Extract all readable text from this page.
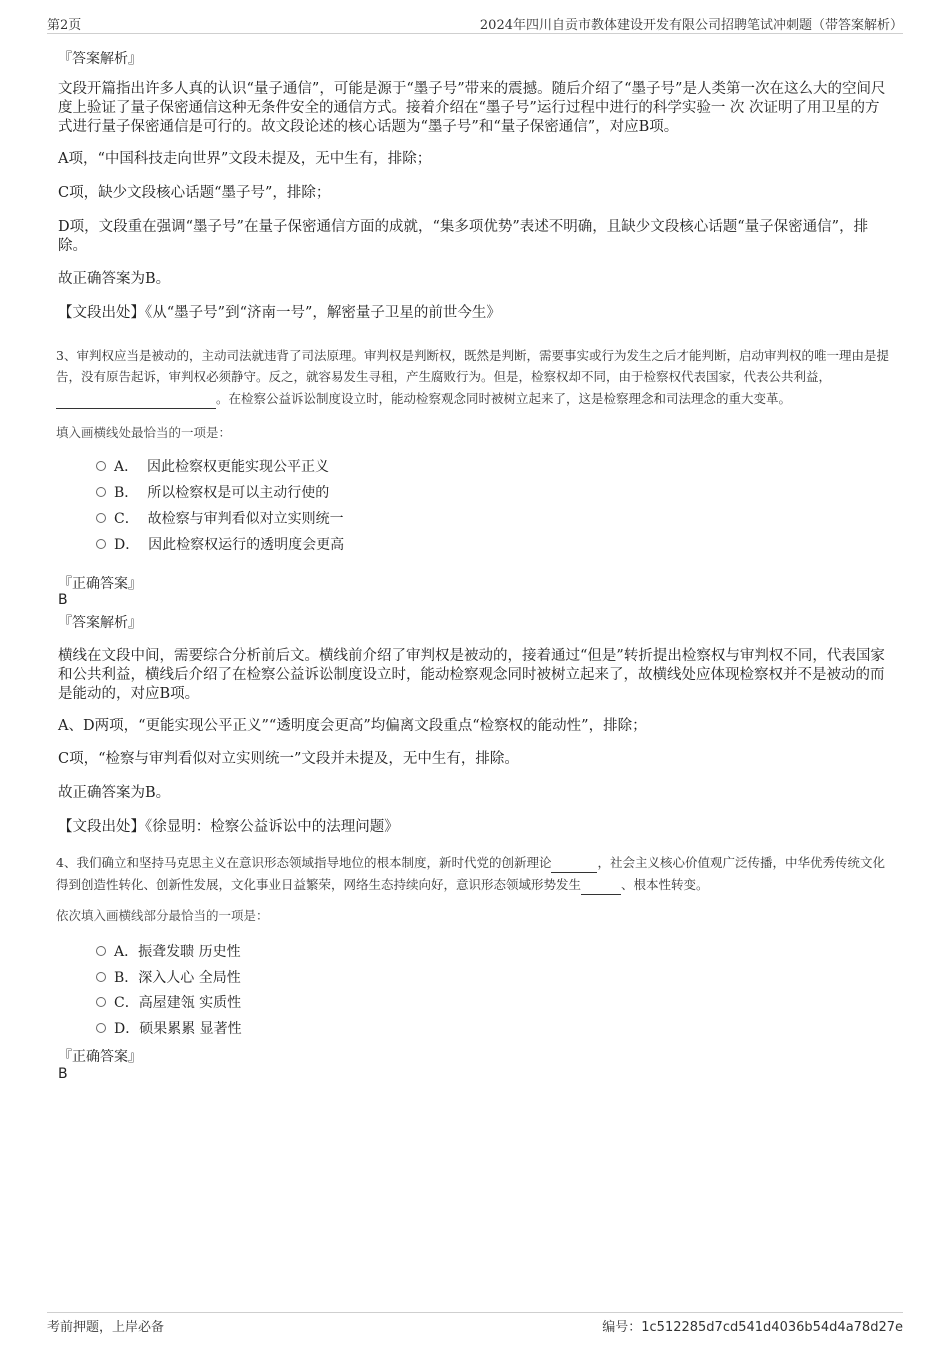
第2页	2024年四川自贡市教体建设开发有限公司招聘笔试冲刺题（带答案解析）
『答案解析』
文段开篇指出许多人真的认识“量子通信”，可能是源于“墨子号”带来的震撼。随后介绍了“墨子号”是人类第一次在这么大的空间尺度上验证了量子保密通信这种无条件安全的通信方式。接着介绍在“墨子号”运行过程中进行的科学实验一 次 次证明了用卫星的方式进行量子保密通信是可行的。故文段论述的核心话题为“墨子号”和“量子保密通信”，对应B项。
A项，“中国科技走向世界”文段未提及，无中生有，排除；
C项，缺少文段核心话题“墨子号”，排除；
D项，文段重在强调“墨子号”在量子保密通信方面的成就，“集多项优势”表述不明确，且缺少文段核心话题“量子保密通信”，排除。
故正确答案为B。
【文段出处】《从“墨子号”到“济南一号”，解密量子卫星的前世今生》
3、审判权应当是被动的，主动司法就违背了司法原理。审判权是判断权，既然是判断，需要事实或行为发生之后才能判断，启动审判权的唯一理由是提告，没有原告起诉，审判权必须静守。反之，就容易发生寻租，产生腐败行为。但是，检察权却不同，由于检察权代表国家，代表公共利益， 。在检察公益诉讼制度设立时，能动检察观念同时被树立起来了，这是检察理念和司法理念的重大变革。
填入画横线处最恰当的一项是：
A． 因此检察权更能实现公平正义
B． 所以检察权是可以主动行使的
C． 故检察与审判看似对立实则统一
D． 因此检察权运行的透明度会更高
『正确答案』
B
『答案解析』
横线在文段中间，需要综合分析前后文。横线前介绍了审判权是被动的，接着通过“但是”转折提出检察权与审判权不同，代表国家和公共利益，横线后介绍了在检察公益诉讼制度设立时，能动检察观念同时被树立起来了，故横线处应体现检察权并不是被动的而是能动的，对应B项。
A、D两项，“更能实现公平正义”“透明度会更高”均偏离文段重点“检察权的能动性”，排除；
C项，“检察与审判看似对立实则统一”文段并未提及，无中生有，排除。
故正确答案为B。
【文段出处】《徐显明：检察公益诉讼中的法理问题》
4、我们确立和坚持马克思主义在意识形态领域指导地位的根本制度，新时代党的创新理论	，社会主义核心价值观广泛传播，中华优秀传统文化得到创造性转化、创新性发展，文化事业日益繁荣，网络生态持续向好，意识形态领域形势发生	、根本性转变。
依次填入画横线部分最恰当的一项是：
A．振聋发聩 历史性
B．深入人心 全局性
C．高屋建瓴 实质性
D．硕果累累 显著性
『正确答案』
B
考前押题，上岸必备	编号：1c512285d7cd541d4036b54d4a78d27e
